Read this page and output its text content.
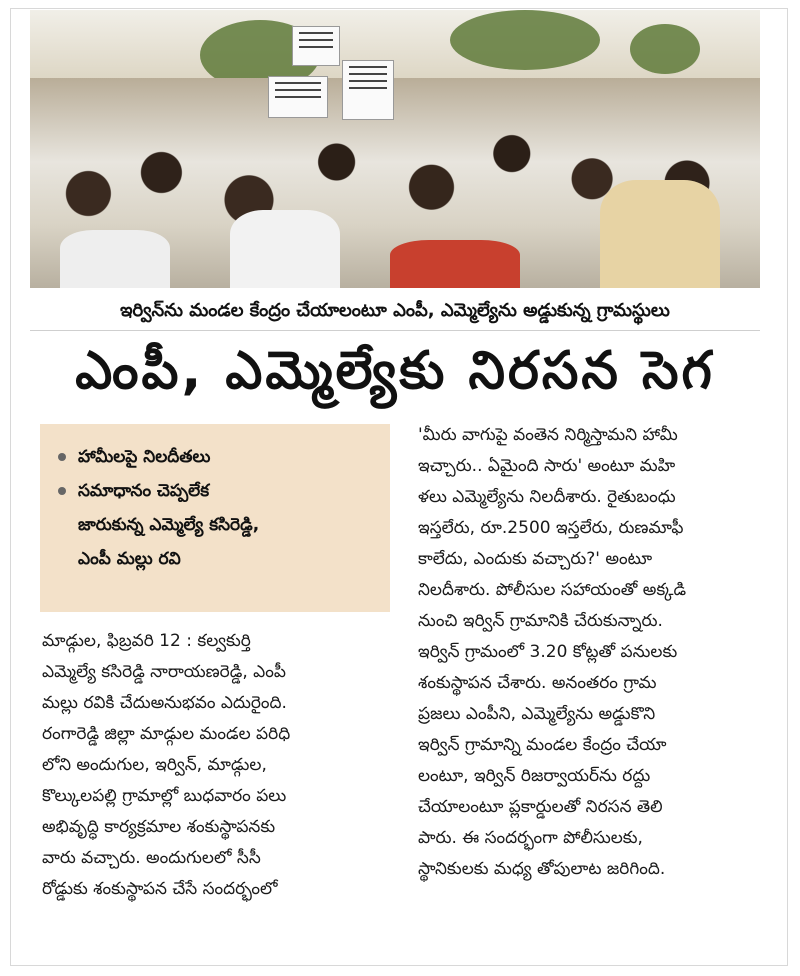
ఇర్విన్‌ను మండల కేంద్రం చేయాలంటూ ఎంపీ, ఎమ్మెల్యేను అడ్డుకున్న గ్రామస్థులు
ఎంపీ, ఎమ్మెల్యేకు నిరసన సెగ
హామీలపై నిలదీతలు
సమాధానం చెప్పలేక
జారుకున్న ఎమ్మెల్యే కసిరెడ్డి,
ఎంపీ మల్లు రవి
మాడ్గుల, ఫిబ్రవరి 12 : కల్వకుర్తి
ఎమ్మెల్యే కసిరెడ్డి నారాయణరెడ్డి, ఎంపీ
మల్లు రవికి చేదుఅనుభవం ఎదురైంది.
రంగారెడ్డి జిల్లా మాడ్గుల మండల పరిధి
లోని అందుగుల, ఇర్విన్, మాడ్గుల,
కొల్కులపల్లి గ్రామాల్లో బుధవారం పలు
అభివృద్ధి కార్యక్రమాల శంకుస్థాపనకు
వారు వచ్చారు. అందుగులలో సీసీ
రోడ్డుకు శంకుస్థాపన చేసే సందర్భంలో
'మీరు వాగుపై వంతెన నిర్మిస్తామని హామీ
ఇచ్చారు.. ఏమైంది సారు' అంటూ మహి
ళలు ఎమ్మెల్యేను నిలదీశారు. రైతుబంధు
ఇస్తలేరు, రూ.2500 ఇస్తలేరు, రుణమాఫీ
కాలేదు, ఎందుకు వచ్చారు?' అంటూ
నిలదీశారు. పోలీసుల సహాయంతో అక్కడి
నుంచి ఇర్విన్ గ్రామానికి చేరుకున్నారు.
ఇర్విన్ గ్రామంలో 3.20 కోట్లతో పనులకు
శంకుస్థాపన చేశారు. అనంతరం గ్రామ
ప్రజలు ఎంపీని, ఎమ్మెల్యేను అడ్డుకొని
ఇర్విన్ గ్రామాన్ని మండల కేంద్రం చేయా
లంటూ, ఇర్విన్ రిజర్వాయర్‌ను రద్దు
చేయాలంటూ ప్లకార్డులతో నిరసన తెలి
పారు. ఈ సందర్భంగా పోలీసులకు,
స్థానికులకు మధ్య తోపులాట జరిగింది.
